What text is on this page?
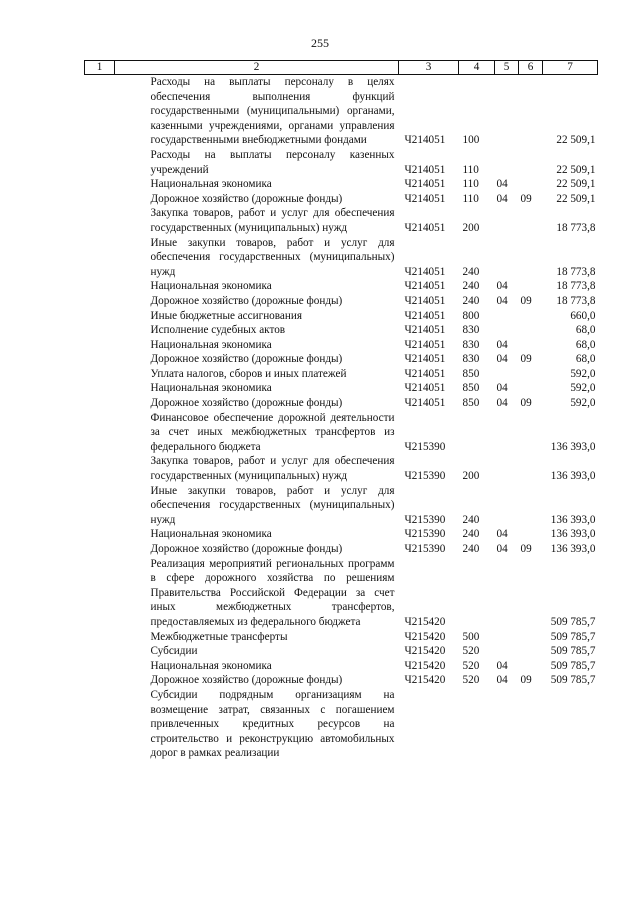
255
1	2	3	4	5	6	7
	Расходы на выплаты персоналу в целях обеспечения выполнения функций государственными (муниципальными) органами, казенными учреждениями, органами управления государственными внебюджетными фондами	Ч214051	100			22 509,1
	Расходы на выплаты персоналу казенных учреждений	Ч214051	110			22 509,1
	Национальная экономика	Ч214051	110	04		22 509,1
	Дорожное хозяйство (дорожные фонды)	Ч214051	110	04	09	22 509,1
	Закупка товаров, работ и услуг для обеспечения государственных (муниципальных) нужд	Ч214051	200			18 773,8
	Иные закупки товаров, работ и услуг для обеспечения государственных (муниципальных) нужд	Ч214051	240			18 773,8
	Национальная экономика	Ч214051	240	04		18 773,8
	Дорожное хозяйство (дорожные фонды)	Ч214051	240	04	09	18 773,8
	Иные бюджетные ассигнования	Ч214051	800			660,0
	Исполнение судебных актов	Ч214051	830			68,0
	Национальная экономика	Ч214051	830	04		68,0
	Дорожное хозяйство (дорожные фонды)	Ч214051	830	04	09	68,0
	Уплата налогов, сборов и иных платежей	Ч214051	850			592,0
	Национальная экономика	Ч214051	850	04		592,0
	Дорожное хозяйство (дорожные фонды)	Ч214051	850	04	09	592,0
	Финансовое обеспечение дорожной деятельности за счет иных межбюджетных трансфертов из федерального бюджета	Ч215390				136 393,0
	Закупка товаров, работ и услуг для обеспечения государственных (муниципальных) нужд	Ч215390	200			136 393,0
	Иные закупки товаров, работ и услуг для обеспечения государственных (муниципальных) нужд	Ч215390	240			136 393,0
	Национальная экономика	Ч215390	240	04		136 393,0
	Дорожное хозяйство (дорожные фонды)	Ч215390	240	04	09	136 393,0
	Реализация мероприятий региональных программ в сфере дорожного хозяйства по решениям Правительства Российской Федерации за счет иных межбюджетных трансфертов, предоставляемых из федерального бюджета	Ч215420				509 785,7
	Межбюджетные трансферты	Ч215420	500			509 785,7
	Субсидии	Ч215420	520			509 785,7
	Национальная экономика	Ч215420	520	04		509 785,7
	Дорожное хозяйство (дорожные фонды)	Ч215420	520	04	09	509 785,7
	Субсидии подрядным организациям на возмещение затрат, связанных с погашением привлеченных кредитных ресурсов на строительство и реконструкцию автомобильных дорог в рамках реализации					
